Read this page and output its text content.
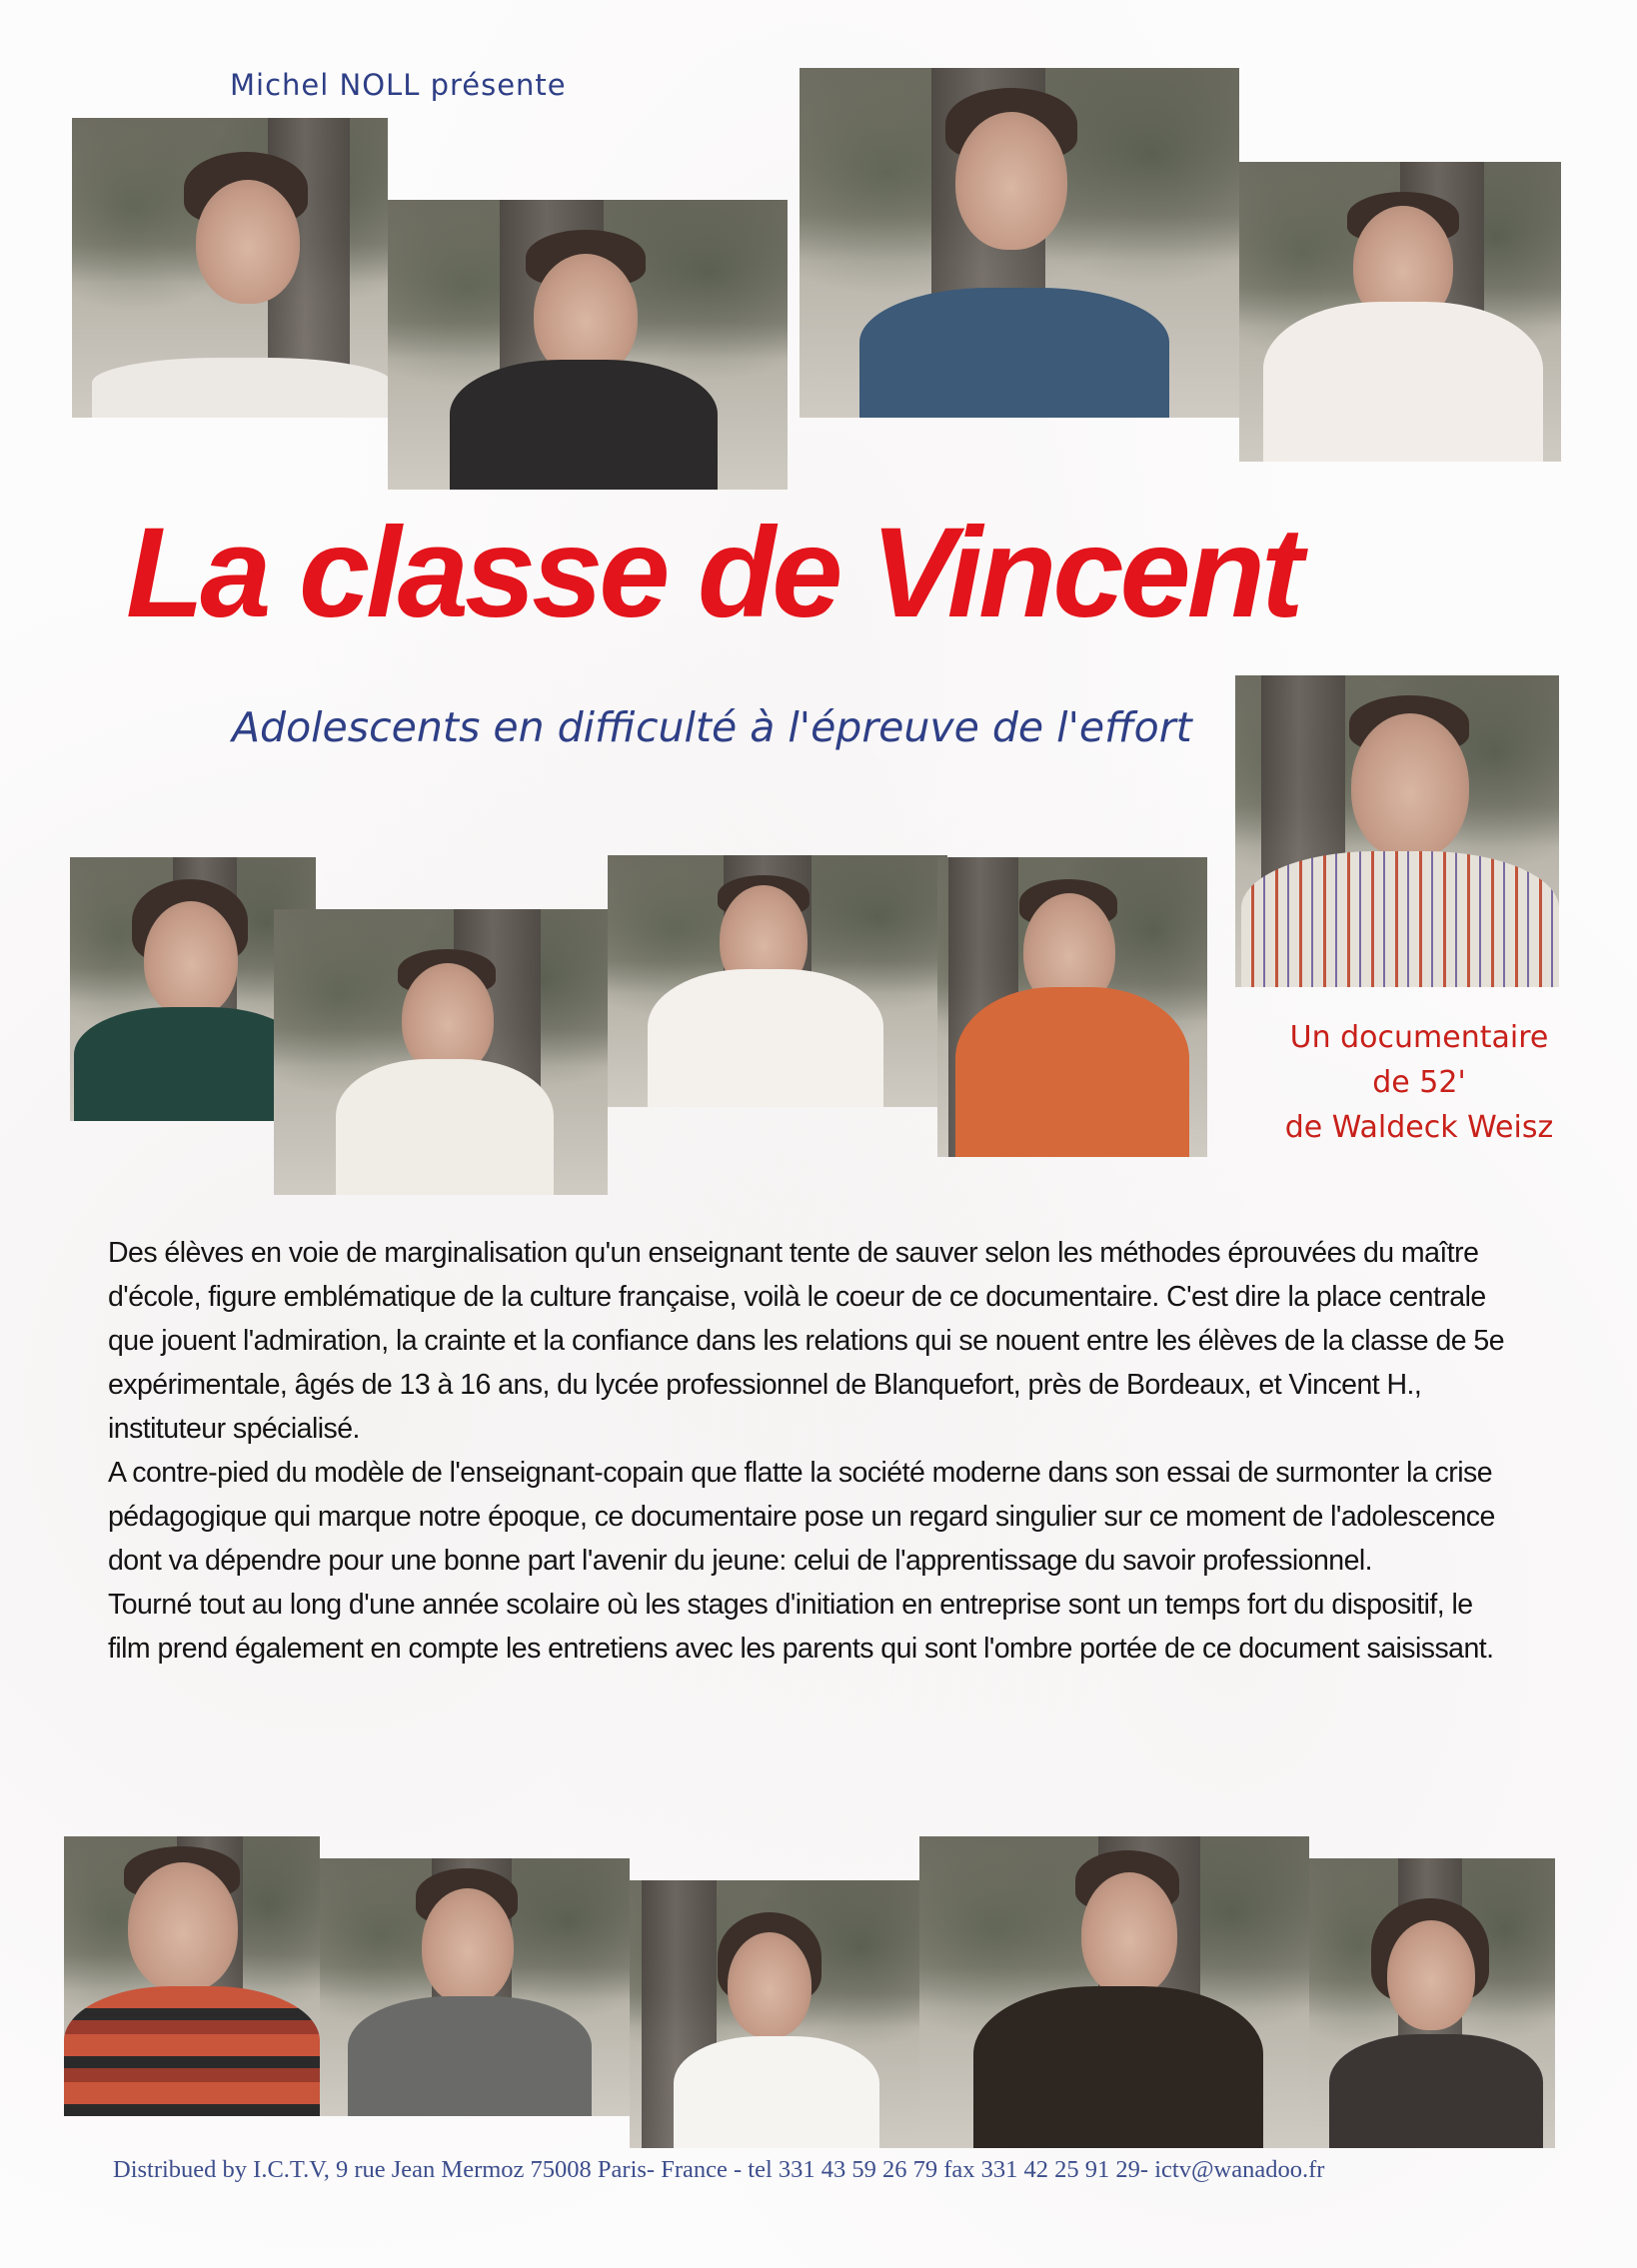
Michel NOLL présente
La classe de Vincent
Adolescents en difficulté à l'épreuve de l'effort
Un documentaire
de 52'
de Waldeck Weisz

Des élèves en voie de marginalisation qu'un enseignant tente de sauver selon les méthodes éprouvées du maître d'école, figure emblématique de la culture française, voilà le coeur de ce documentaire. C'est dire la place centrale que jouent l'admiration, la crainte et la confiance dans les relations qui se nouent entre les élèves de la classe de 5e expérimentale, âgés de 13 à 16 ans, du lycée professionnel de Blanquefort, près de Bordeaux, et Vincent H., instituteur spécialisé.

A contre-pied du modèle de l'enseignant-copain que flatte la société moderne dans son essai de surmonter la crise pédagogique qui marque notre époque, ce documentaire pose un regard singulier sur ce moment de l'adolescence dont va dépendre pour une bonne part l'avenir du jeune: celui de l'apprentissage du savoir professionnel.

Tourné tout au long d'une année scolaire où les stages d'initiation en entreprise sont un temps fort du dispositif, le film prend également en compte les entretiens avec les parents qui sont l'ombre portée de ce document saisissant.

Distribued by I.C.T.V, 9 rue Jean Mermoz 75008 Paris- France - tel 331 43 59 26 79 fax 331 42 25 91 29- ictv@wanadoo.fr
